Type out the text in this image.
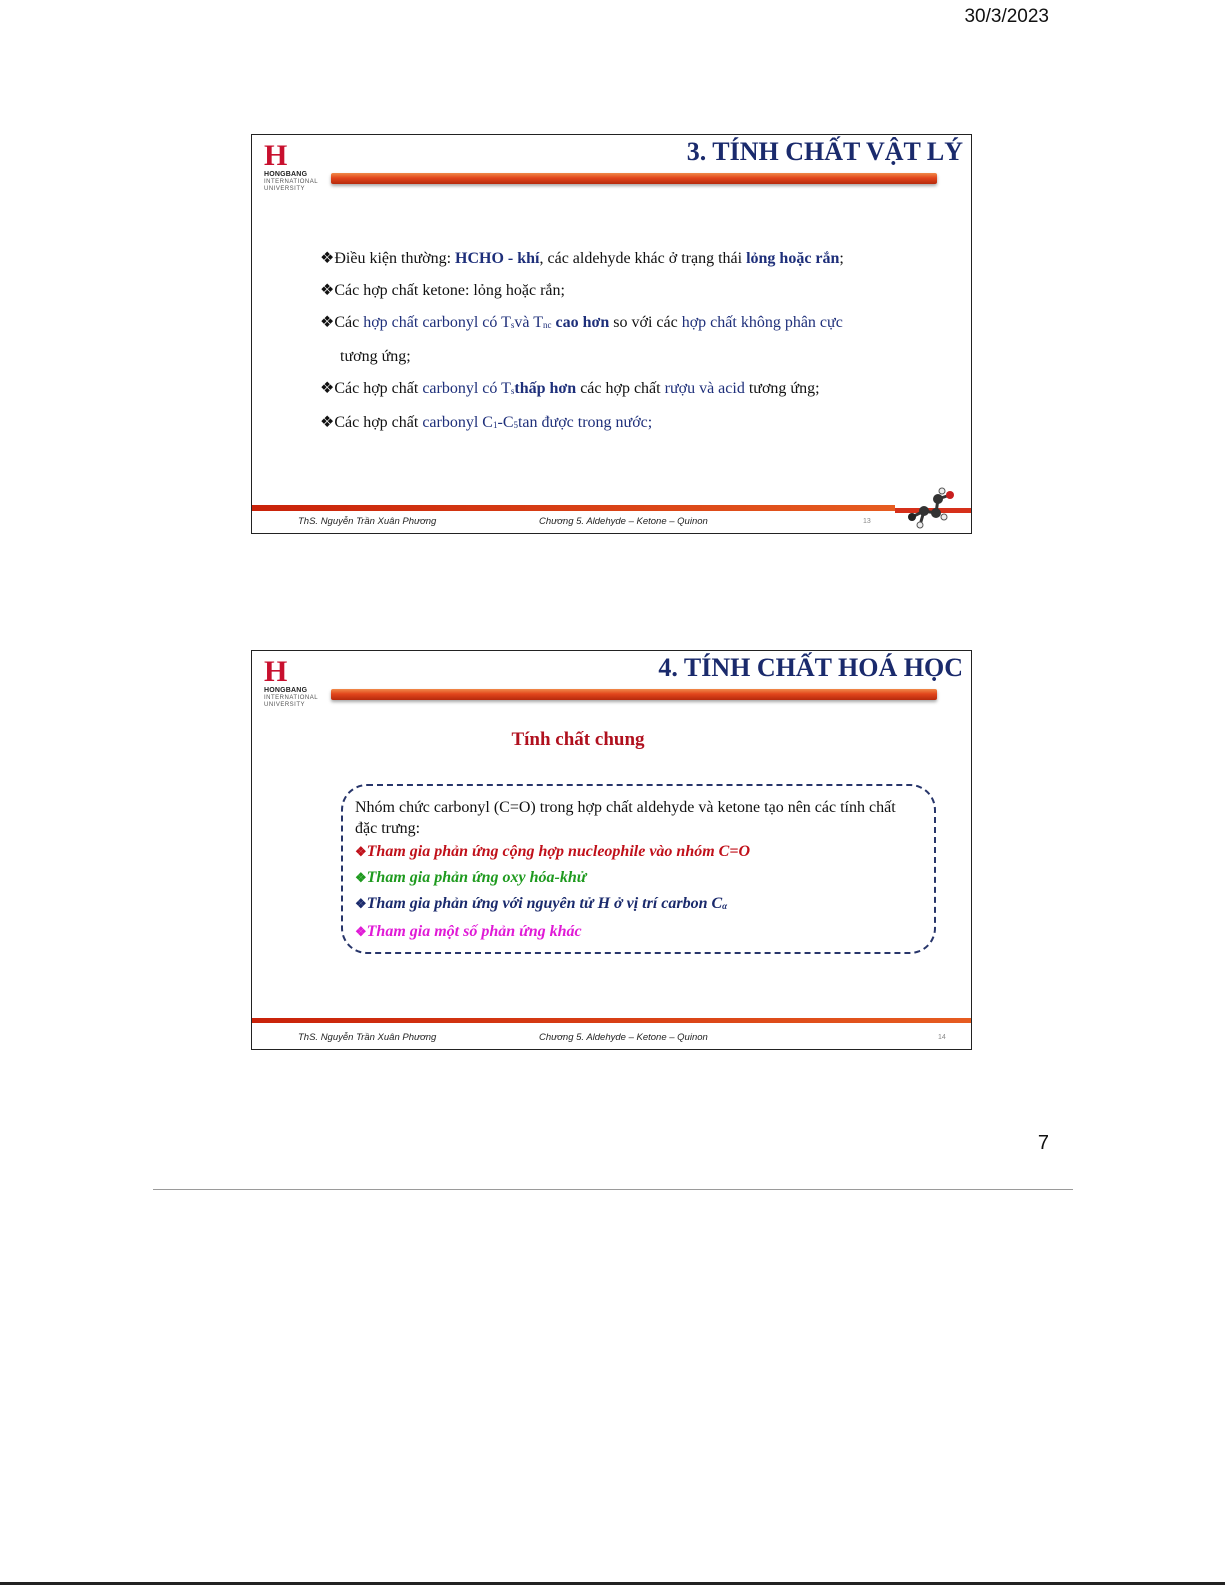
30/3/2023
H
HONGBANG
INTERNATIONAL
UNIVERSITY
3. TÍNH CHẤT VẬT LÝ
❖Điều kiện thường: HCHO - khí, các aldehyde khác ở trạng thái lỏng hoặc rắn;
❖Các hợp chất ketone: lỏng hoặc rắn;
❖Các hợp chất carbonyl có $T_svà$ $T_{nc}$ cao hơn so với các hợp chất không phân cực
tương ứng;
❖Các hợp chất carbonyl có $T_sthấp$ hơn các hợp chất rượu và acid tương ứng;
❖Các hợp chất carbonyl $C_1-C_5\tan$ được trong nước;
ThS. Nguyễn Trần Xuân Phương	Chương 5. Aldehyde – Ketone – Quinon	13
H
HONGBANG
INTERNATIONAL
UNIVERSITY
4. TÍNH CHẤT HOÁ HỌC
Tính chất chung
Nhóm chức carbonyl (C=O) trong hợp chất aldehyde và ketone tạo nên các tính chất đặc trưng:
❖Tham gia phản ứng cộng hợp nucleophile vào nhóm C=O
❖Tham gia phản ứng oxy hóa-khử
❖Tham gia phản ứng với nguyên tử H ở vị trí carbon $C_\alpha$
❖Tham gia một số phản ứng khác
ThS. Nguyễn Trần Xuân Phương	Chương 5. Aldehyde – Ketone – Quinon	14
7
